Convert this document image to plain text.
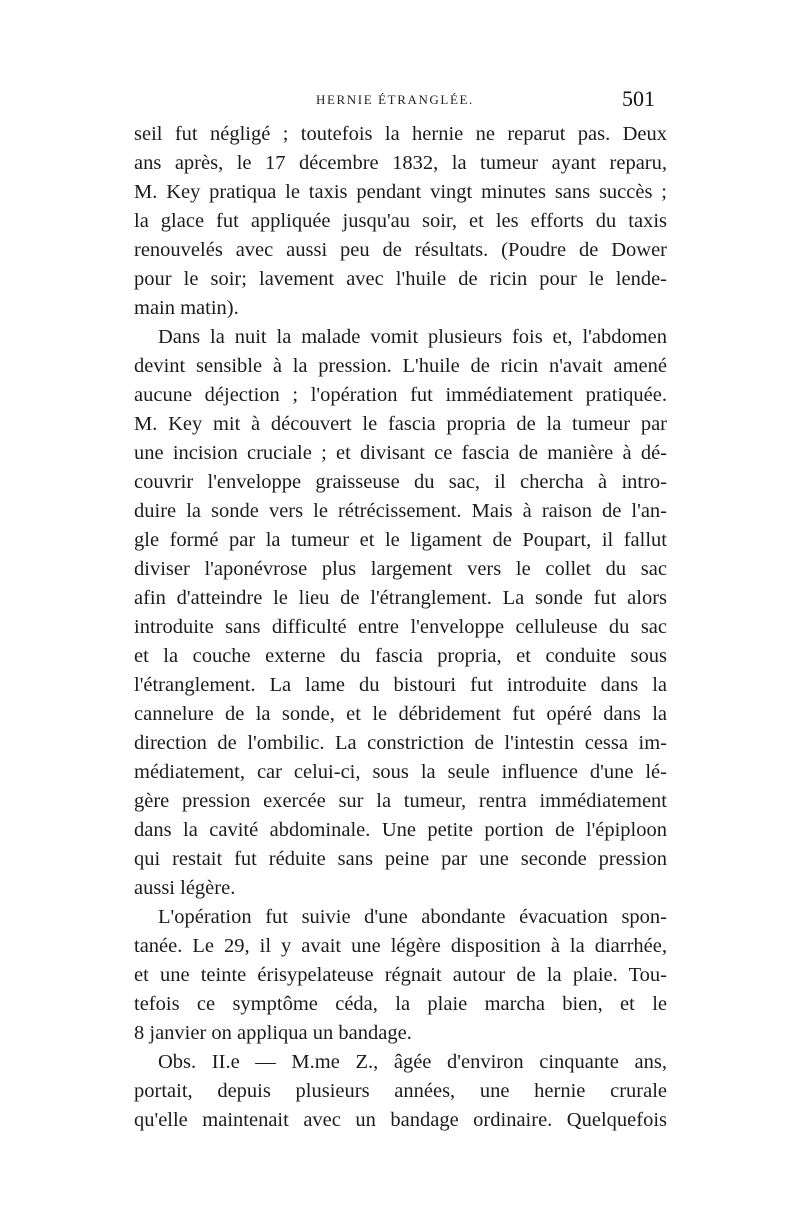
HERNIE ÉTRANGLÉE.	501
seil fut négligé ; toutefois la hernie ne reparut pas. Deux
ans après, le 17 décembre 1832, la tumeur ayant reparu,
M. Key pratiqua le taxis pendant vingt minutes sans succès ;
la glace fut appliquée jusqu'au soir, et les efforts du taxis
renouvelés avec aussi peu de résultats. (Poudre de Dower
pour le soir; lavement avec l'huile de ricin pour le lende-
main matin).
Dans la nuit la malade vomit plusieurs fois et, l'abdomen
devint sensible à la pression. L'huile de ricin n'avait amené
aucune déjection ; l'opération fut immédiatement pratiquée.
M. Key mit à découvert le fascia propria de la tumeur par
une incision cruciale ; et divisant ce fascia de manière à dé-
couvrir l'enveloppe graisseuse du sac, il chercha à intro-
duire la sonde vers le rétrécissement. Mais à raison de l'an-
gle formé par la tumeur et le ligament de Poupart, il fallut
diviser l'aponévrose plus largement vers le collet du sac
afin d'atteindre le lieu de l'étranglement. La sonde fut alors
introduite sans difficulté entre l'enveloppe celluleuse du sac
et la couche externe du fascia propria, et conduite sous
l'étranglement. La lame du bistouri fut introduite dans la
cannelure de la sonde, et le débridement fut opéré dans la
direction de l'ombilic. La constriction de l'intestin cessa im-
médiatement, car celui-ci, sous la seule influence d'une lé-
gère pression exercée sur la tumeur, rentra immédiatement
dans la cavité abdominale. Une petite portion de l'épiploon
qui restait fut réduite sans peine par une seconde pression
aussi légère.
L'opération fut suivie d'une abondante évacuation spon-
tanée. Le 29, il y avait une légère disposition à la diarrhée,
et une teinte érisypelateuse régnait autour de la plaie. Tou-
tefois ce symptôme céda, la plaie marcha bien, et le
8 janvier on appliqua un bandage.
Obs. II.e — M.me Z., âgée d'environ cinquante ans,
portait, depuis plusieurs années, une hernie crurale
qu'elle maintenait avec un bandage ordinaire. Quelquefois
